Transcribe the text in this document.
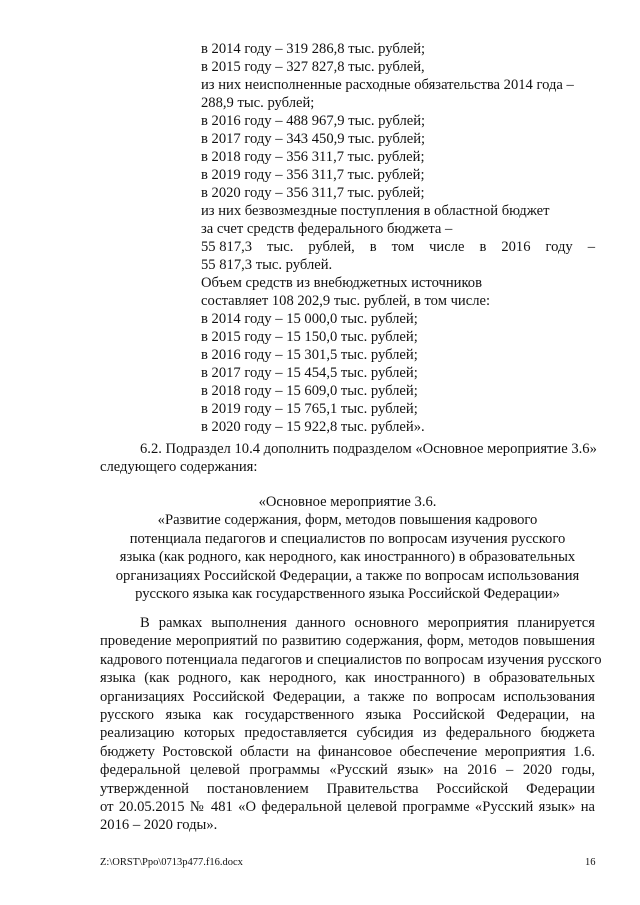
в 2014 году – 319 286,8 тыс. рублей;
в 2015 году – 327 827,8 тыс. рублей,
из них неисполненные расходные обязательства 2014 года –
288,9 тыс. рублей;
в 2016 году – 488 967,9 тыс. рублей;
в 2017 году – 343 450,9 тыс. рублей;
в 2018 году – 356 311,7 тыс. рублей;
в 2019 году – 356 311,7 тыс. рублей;
в 2020 году – 356 311,7 тыс. рублей;
из них безвозмездные поступления в областной бюджет
за счет средств федерального бюджета –
55 817,3 тыс. рублей, в том числе в 2016 году –
55 817,3 тыс. рублей.
Объем средств из внебюджетных источников
составляет 108 202,9 тыс. рублей, в том числе:
в 2014 году – 15 000,0 тыс. рублей;
в 2015 году – 15 150,0 тыс. рублей;
в 2016 году – 15 301,5 тыс. рублей;
в 2017 году – 15 454,5 тыс. рублей;
в 2018 году – 15 609,0 тыс. рублей;
в 2019 году – 15 765,1 тыс. рублей;
в 2020 году – 15 922,8 тыс. рублей».
6.2. Подраздел 10.4 дополнить подразделом «Основное мероприятие 3.6»
следующего содержания:
«Основное мероприятие 3.6.
«Развитие содержания, форм, методов повышения кадрового
потенциала педагогов и специалистов по вопросам изучения русского
языка (как родного, как неродного, как иностранного) в образовательных
организациях Российской Федерации, а также по вопросам использования
русского языка как государственного языка Российской Федерации»
В рамках выполнения данного основного мероприятия планируется
проведение мероприятий по развитию содержания, форм, методов повышения
кадрового потенциала педагогов и специалистов по вопросам изучения русского
языка (как родного, как неродного, как иностранного) в образовательных
организациях Российской Федерации, а также по вопросам использования
русского языка как государственного языка Российской Федерации, на
реализацию которых предоставляется субсидия из федерального бюджета
бюджету Ростовской области на финансовое обеспечение мероприятия 1.6.
федеральной целевой программы «Русский язык» на 2016 – 2020 годы,
утвержденной постановлением Правительства Российской Федерации
от 20.05.2015 № 481 «О федеральной целевой программе «Русский язык» на
2016 – 2020 годы».
Z:\ORST\Ppo\0713p477.f16.docx	16
